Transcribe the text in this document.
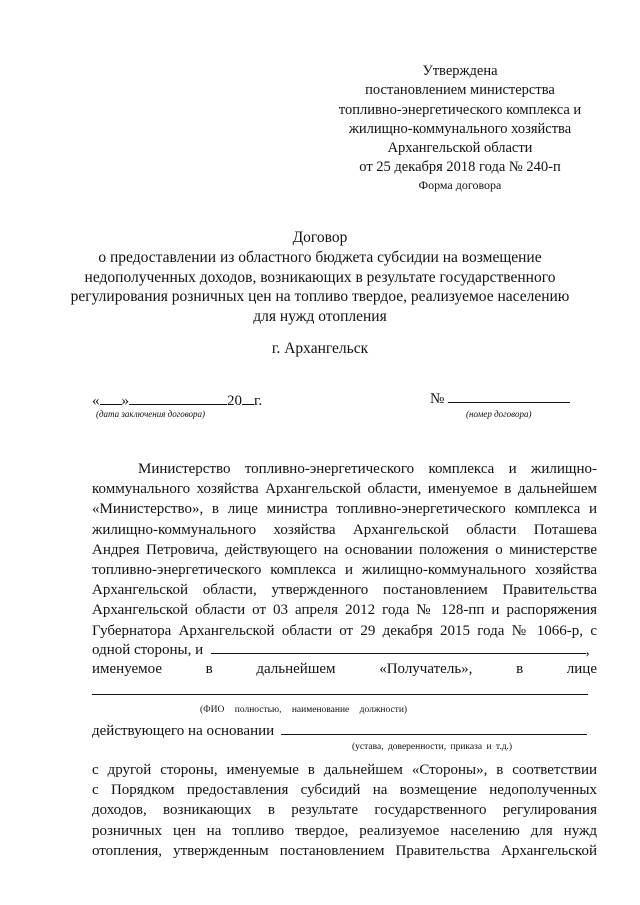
Утверждена
постановлением министерства
топливно-энергетического комплекса и
жилищно-коммунального хозяйства
Архангельской области
от 25 декабря 2018 года № 240-п
Форма договора
Договор
о предоставлении из областного бюджета субсидии на возмещение
недополученных доходов, возникающих в результате государственного
регулирования розничных цен на топливо твердое, реализуемое населению
для нужд отопления
г. Архангельск
« »	20 г.
(дата заключения договора)
№
(номер договора)
Министерство топливно-энергетического комплекса и жилищно-
коммунального хозяйства Архангельской области, именуемое в дальнейшем
«Министерство», в лице министра топливно-энергетического комплекса и
жилищно-коммунального хозяйства Архангельской области Поташева
Андрея Петровича, действующего на основании положения о министерстве
топливно-энергетического комплекса и жилищно-коммунального хозяйства
Архангельской области, утвержденного постановлением Правительства
Архангельской области от 03 апреля 2012 года № 128-пп и распоряжения
Губернатора Архангельской области от 29 декабря 2015 года № 1066-р, с
одной стороны, и	,
именуемое	в	дальнейшем	«Получатель»,	в	лице
(ФИО полностью, наименование должности)
действующего на основании
(устава, доверенности, приказа и т.д.)
с другой стороны, именуемые в дальнейшем «Стороны», в соответствии
с Порядком предоставления субсидий на возмещение недополученных
доходов, возникающих в результате государственного регулирования
розничных цен на топливо твердое, реализуемое населению для нужд
отопления, утвержденным постановлением Правительства Архангельской
